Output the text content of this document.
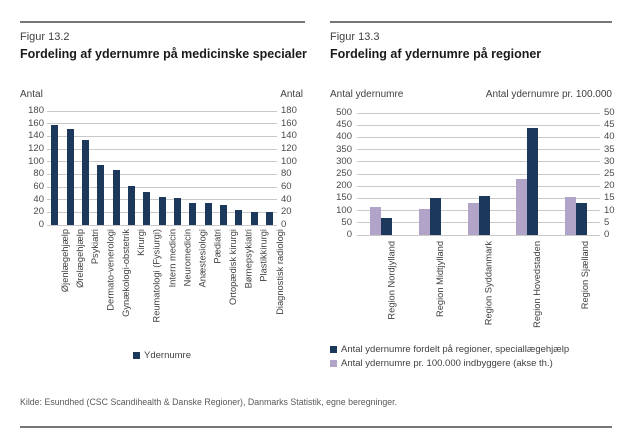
Figur 13.2
Fordeling af ydernumre på medicinske specialer
Antal	Antal
180	180
160	160
140	140
120	120
100	100
80	80
60	60
40	40
20	20
0	0
Øjenlægehjælp Ørelægehjælp Psykiatri Dermato-venerologi Gynækologi-obstetrik Kirurgi Reumatologi (Fysiurgi) Intern medicin Neuromedicin Anæstesiologi Pædiatri Ortopædisk kirurgi Børnepsykiatri Plastikkirurgi Diagnostisk radiologi
Ydernumre
Figur 13.3
Fordeling af ydernumre på regioner
Antal ydernumre	Antal ydernumre pr. 100.000
500	50
450	45
400	40
350	35
300	30
250	25
200	20
150	15
100	10
50	5
0	0
Region Nordjylland	Region Midtjylland	Region Syddanmark	Region Hovedstaden	Region Sjælland
Antal ydernumre fordelt på regioner, speciallægehjælp
Antal ydernumre pr. 100.000 indbyggere (akse th.)
Kilde: Esundhed (CSC Scandihealth & Danske Regioner), Danmarks Statistik, egne beregninger.
